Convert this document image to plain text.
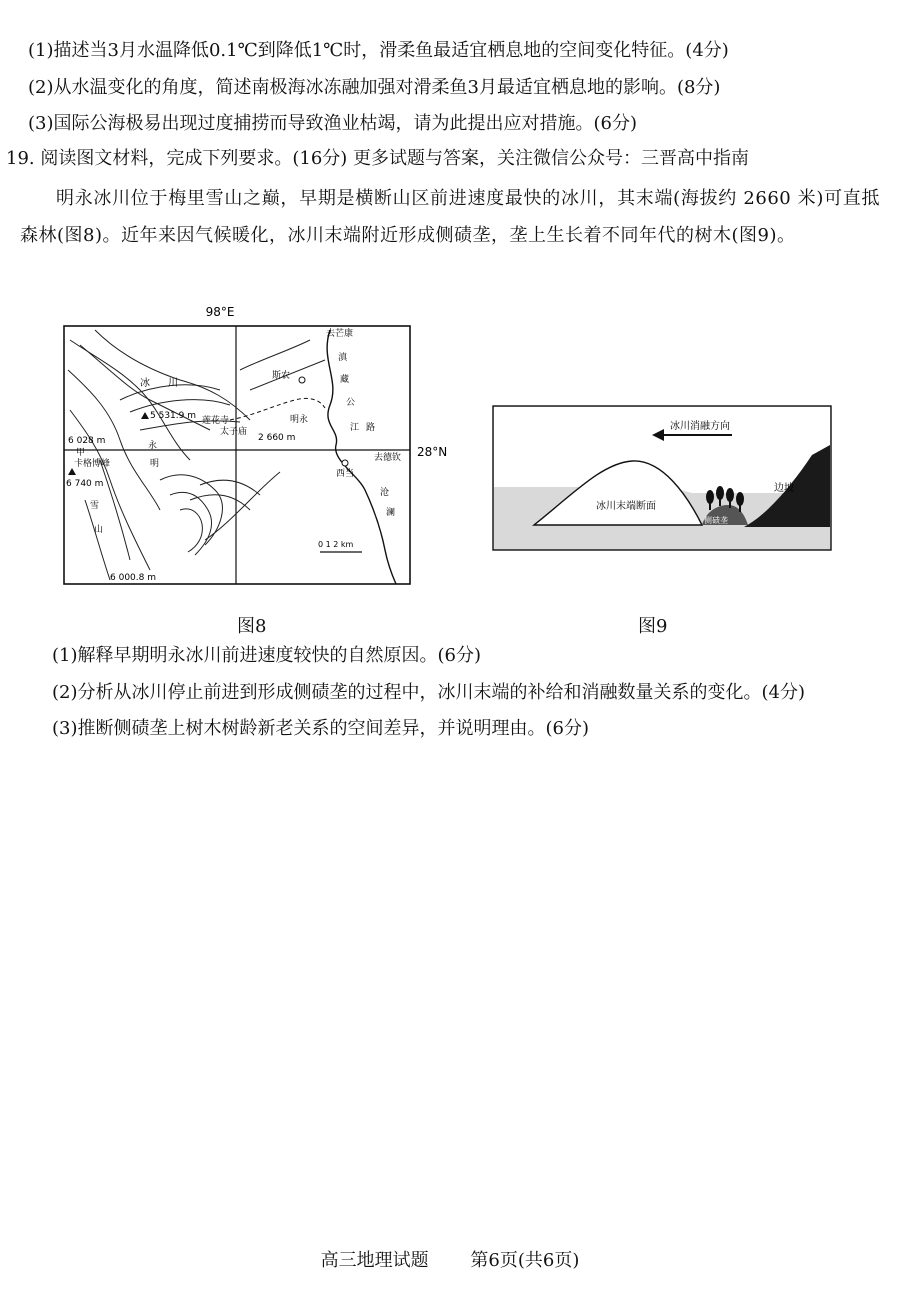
(1)描述当3月水温降低0.1℃到降低1℃时，滑柔鱼最适宜栖息地的空间变化特征。(4分)
(2)从水温变化的角度，简述南极海冰冻融加强对滑柔鱼3月最适宜栖息地的影响。(8分)
(3)国际公海极易出现过度捕捞而导致渔业枯竭，请为此提出应对措施。(6分)
19. 阅读图文材料，完成下列要求。(16分) 更多试题与答案，关注微信公众号：三晋高中指南
明永冰川位于梅里雪山之巅，早期是横断山区前进速度最快的冰川，其末端(海拔约 2660 米)可直抵森林(图8)。近年来因气候暖化，冰川末端附近形成侧碛垄，垄上生长着不同年代的树木(图9)。
98°E
28°N
去芒康
滇
藏
公
路
江
去德钦
沧
澜
斯农
明永
西当
太子庙
莲花寺
2 660 m
5 531.9 m
6 028 m
6 740 m
6 000.8 m
卡格博峰
甲
冰 川
明
永
雪
山
0 1 2 km
冰川消融方向
冰川末端断面
侧碛垄
边坡
图8	图9
(1)解释早期明永冰川前进速度较快的自然原因。(6分)
(2)分析从冰川停止前进到形成侧碛垄的过程中，冰川末端的补给和消融数量关系的变化。(4分)
(3)推断侧碛垄上树木树龄新老关系的空间差异，并说明理由。(6分)
高三地理试题 第6页(共6页)
